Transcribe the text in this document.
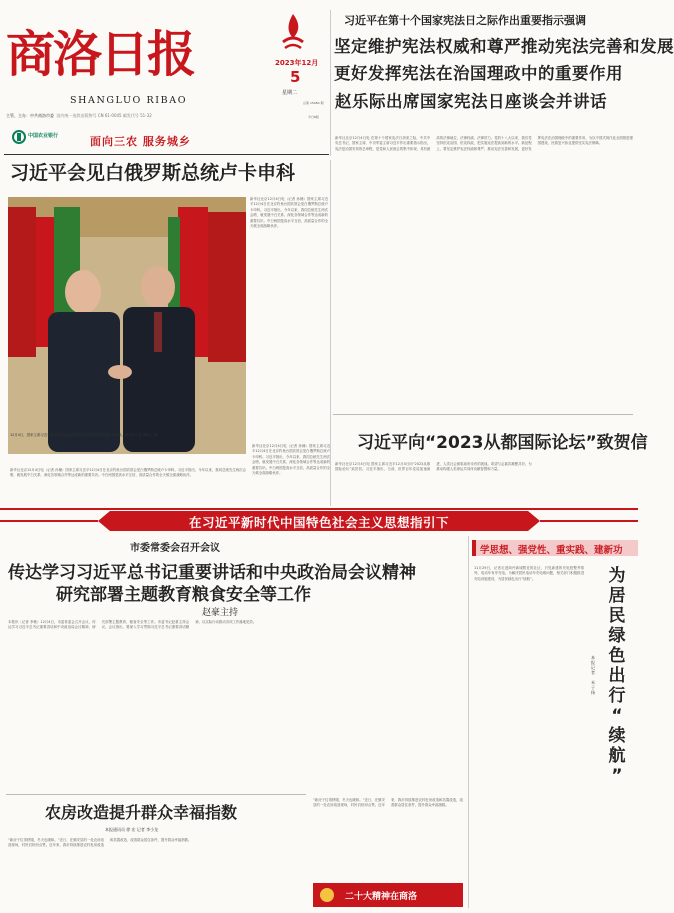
商洛日报
SHANGLUO RIBAO
主管、主办：中共商洛市委 国内统一连续出版物号 CN 61-0045 邮发代号 51-32
2023年12月
5
星期二
总第 15480 期
今日8版
中国农业银行	面向三农 服务城乡
习近平在第十个国家宪法日之际作出重要指示强调
坚定维护宪法权威和尊严推动宪法完善和发展
更好发挥宪法在治国理政中的重要作用
赵乐际出席国家宪法日座谈会并讲话
新华社北京12月4日电 在第十个国家宪法日到来之际，中共中央总书记、国家主席、中央军委主席习近平作出重要指示指出，宪法是治国安邦的总章程，是党和人民意志的集中体现，具有最高的法律地位、法律权威、法律效力。党的十八大以来，我们党坚持依宪治国、依宪执政，把实施宪法提高到新的水平。新征程上，要坚定维护宪法权威和尊严，推动宪法完善和发展，更好发挥宪法在治国理政中的重要作用，为以中国式现代化全面推进强国建设、民族复兴伟业提供坚实宪法保障。
习近平会见白俄罗斯总统卢卡申科
12月4日，国家主席习近平在北京钓鱼台国宾馆会见白俄罗斯总统卢卡申科。新华社记者 黄敬文 摄
新华社北京12月4日电（记者 孙楠）国家主席习近平12月4日在北京钓鱼台国宾馆会见白俄罗斯总统卢卡申科。习近平指出，今年以来，我同总统先生两次会晤，就发展中白关系、深化各领域合作等达成新的重要共识。中白两国是高水平互信、高质量合作的全天候全面战略伙伴。
新华社北京12月4日电（记者 孙楠）国家主席习近平12月4日在北京钓鱼台国宾馆会见白俄罗斯总统卢卡申科。习近平指出，今年以来，我同总统先生两次会晤，就发展中白关系、深化各领域合作等达成新的重要共识。中白两国是高水平互信、高质量合作的全天候全面战略伙伴。
新华社北京12月4日电（记者 孙楠）国家主席习近平12月4日在北京钓鱼台国宾馆会见白俄罗斯总统卢卡申科。习近平指出，今年以来，我同总统先生两次会晤，就发展中白关系、深化各领域合作等达成新的重要共识。中白两国是高水平互信、高质量合作的全天候全面战略伙伴。
习近平向“2023从都国际论坛”致贺信
新华社北京12月4日电 国家主席习近平12月4日向“2023从都国际论坛”致贺信。习近平指出，当前，世界百年变局加速演进，人类社会面临前所未有的挑战。希望与会嘉宾凝聚共识，为推动构建人类命运共同体贡献智慧和力量。
在习近平新时代中国特色社会主义思想指引下
市委常委会召开会议
传达学习习近平总书记重要讲话和中央政治局会议精神
研究部署主题教育粮食安全等工作
赵豪主持
本报讯（记者 李敏）12月4日，市委常委会召开会议，传达学习习近平总书记重要讲话和中央政治局会议精神，研究部署主题教育、粮食安全等工作。市委书记赵豪主持会议。会议指出，要深入学习贯彻习近平总书记重要讲话精神，以实际行动推动各项工作落地见效。
农房改造提升群众幸福指数
本报通讯员 徐 宏 记者 李小龙
“新房子住得舒服，冬天也暖和。”近日，在镇安县的一处农房改造现场，村民们纷纷点赞。近年来，我市持续推进农村危房改造和抗震改造，改善群众居住条件，提升群众幸福指数。
“新房子住得舒服，冬天也暖和。”近日，在镇安县的一处农房改造现场，村民们纷纷点赞。近年来，我市持续推进农村危房改造和抗震改造，改善群众居住条件，提升群众幸福指数。
二十大精神在商洛
学思想、强党性、重实践、建新功
为
居
民
绿
色
出
行
“
续
航
”
本
报
记
者

米
子
扬
11月29日，记者走进商丹新城附近的社区，只见新建的充电桩整齐排列，电动车有序充电。为解决居民电动车充电难问题，相关部门积极推进充电设施建设，为居民绿色出行“续航”。
